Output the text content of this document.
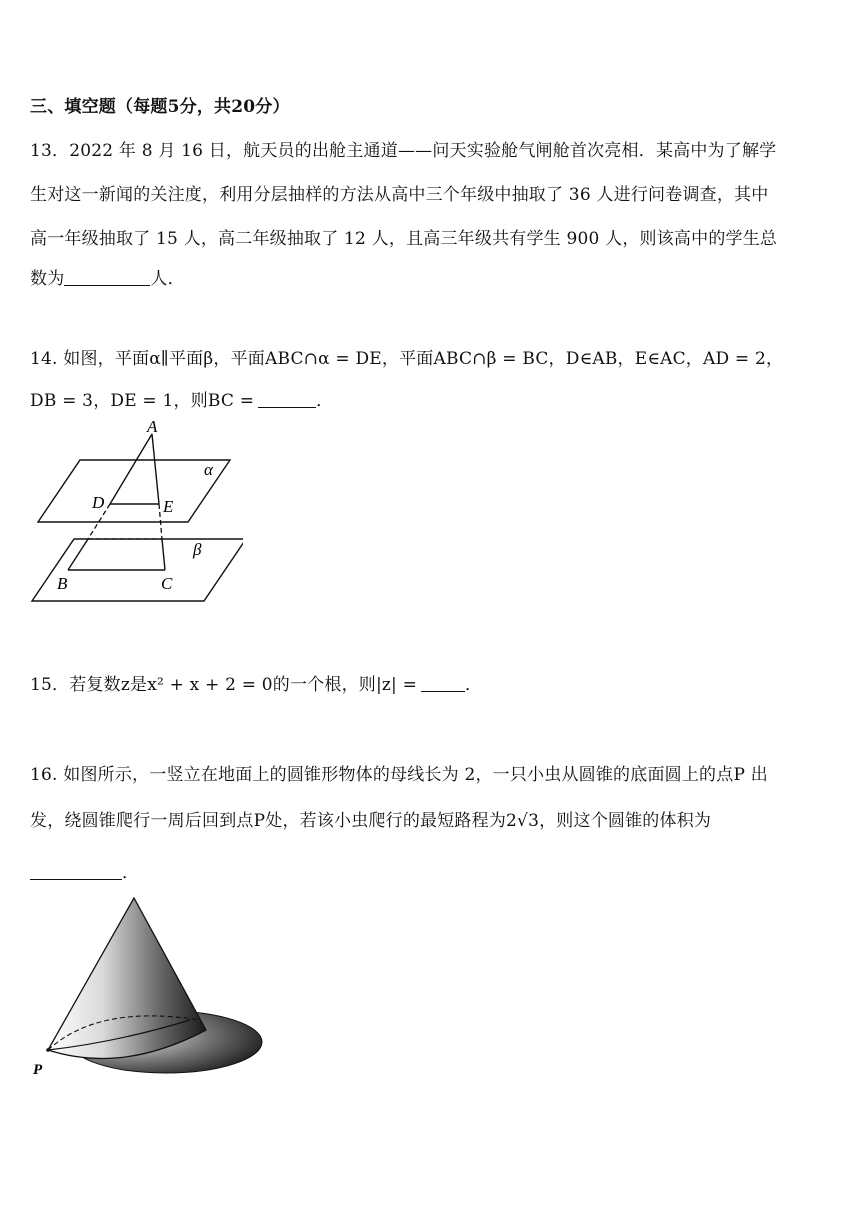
三、填空题（每题5分，共20分）
13．2022 年 8 月 16 日，航天员的出舱主通道——问天实验舱气闸舱首次亮相．某高中为了解学
生对这一新闻的关注度，利用分层抽样的方法从高中三个年级中抽取了 36 人进行问卷调查，其中
高一年级抽取了 15 人，高二年级抽取了 12 人，且高三年级共有学生 900 人，则该高中的学生总
数为	人．
14. 如图，平面α∥平面β，平面ABC∩α = DE，平面ABC∩β = BC，D∈AB，E∈AC，AD = 2，
DB = 3，DE = 1，则BC =	．
A
α
D	E
β
B	C
15．若复数z是x² + x + 2 = 0的一个根，则|z| =	．
16. 如图所示，一竖立在地面上的圆锥形物体的母线长为 2，一只小虫从圆锥的底面圆上的点P 出
发，绕圆锥爬行一周后回到点P处，若该小虫爬行的最短路程为2√3，则这个圆锥的体积为
．
P
